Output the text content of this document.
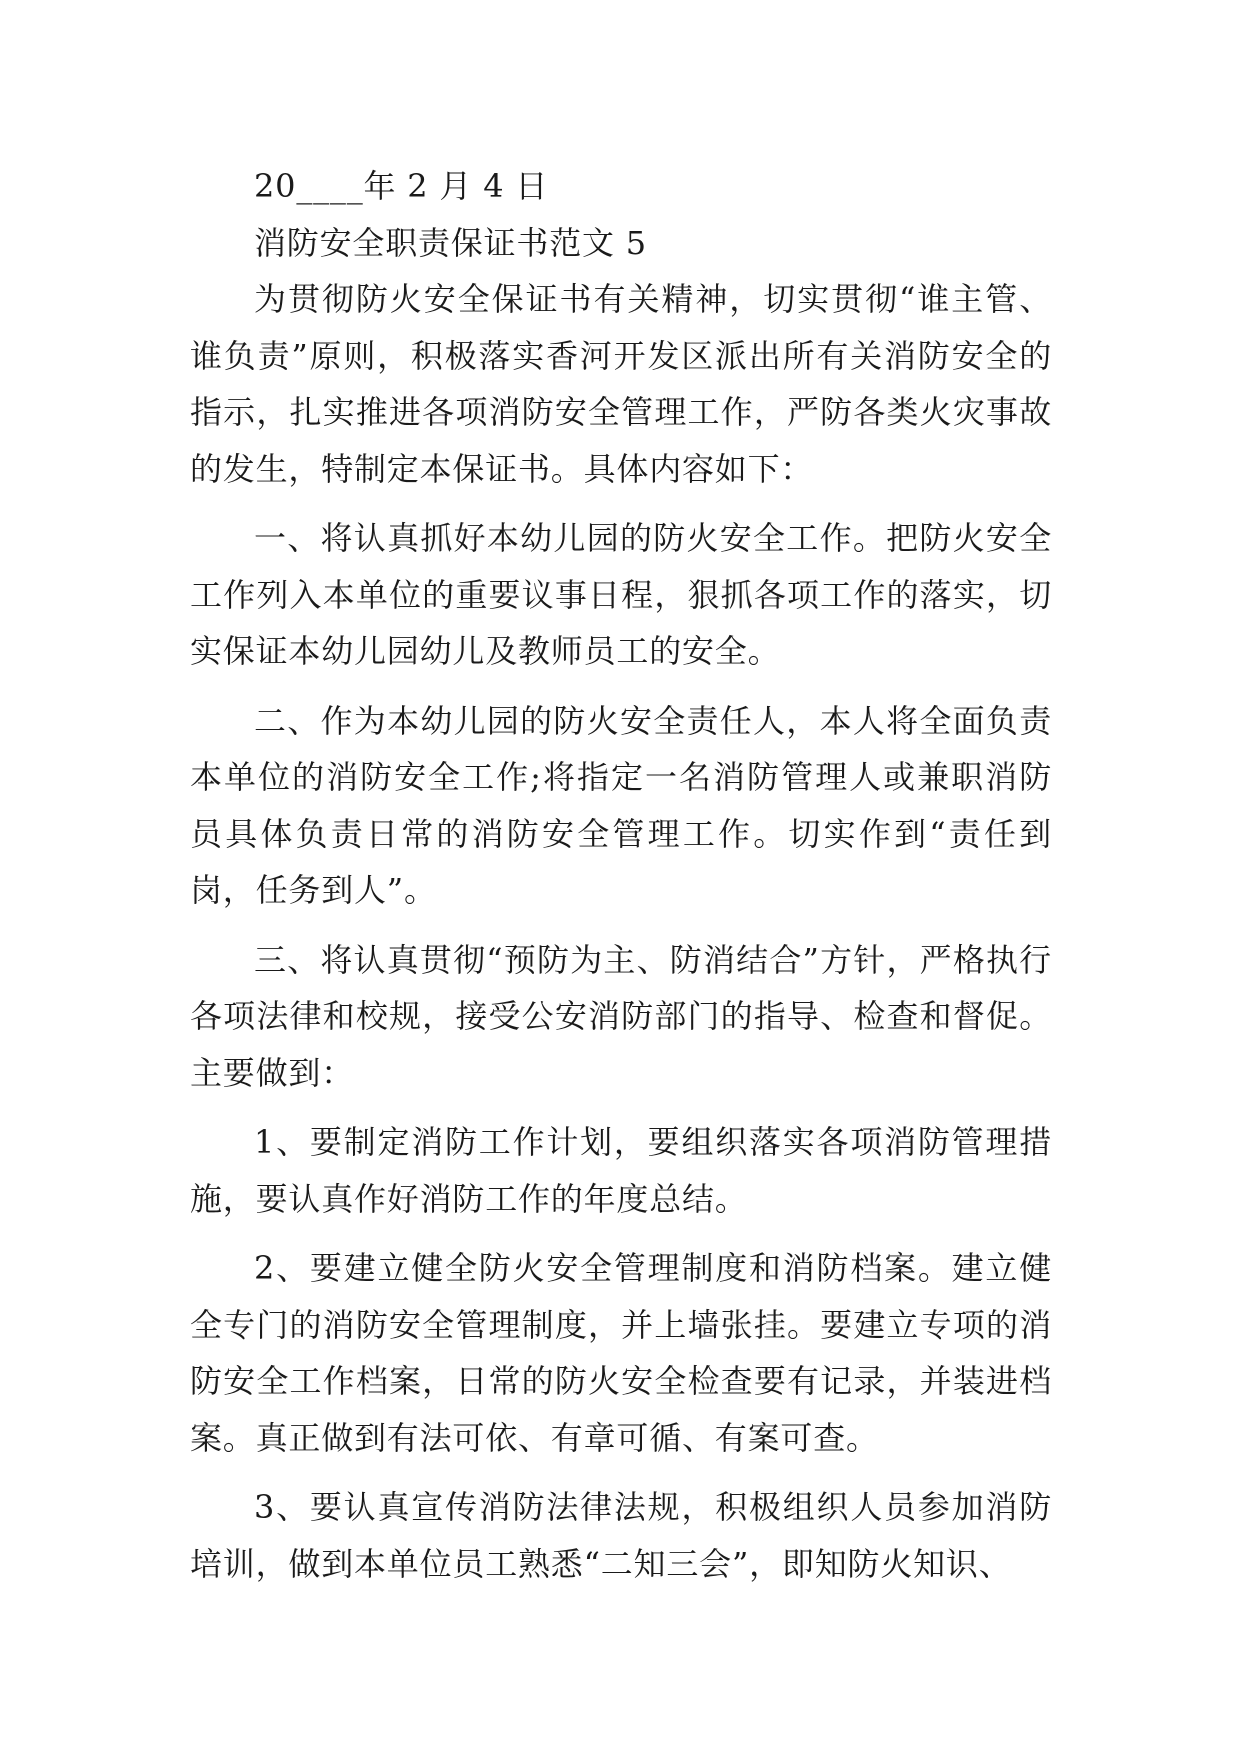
20____年 2 月 4 日

消防安全职责保证书范文 5

为贯彻防火安全保证书有关精神，切实贯彻“谁主管、谁负责”原则，积极落实香河开发区派出所有关消防安全的指示，扎实推进各项消防安全管理工作，严防各类火灾事故的发生，特制定本保证书。具体内容如下：

一、将认真抓好本幼儿园的防火安全工作。把防火安全工作列入本单位的重要议事日程，狠抓各项工作的落实，切实保证本幼儿园幼儿及教师员工的安全。

二、作为本幼儿园的防火安全责任人，本人将全面负责本单位的消防安全工作;将指定一名消防管理人或兼职消防员具体负责日常的消防安全管理工作。切实作到“责任到岗，任务到人”。

三、将认真贯彻“预防为主、防消结合”方针，严格执行各项法律和校规，接受公安消防部门的指导、检查和督促。主要做到：

1、要制定消防工作计划，要组织落实各项消防管理措施，要认真作好消防工作的年度总结。

2、要建立健全防火安全管理制度和消防档案。建立健全专门的消防安全管理制度，并上墙张挂。要建立专项的消防安全工作档案，日常的防火安全检查要有记录，并装进档案。真正做到有法可依、有章可循、有案可查。

3、要认真宣传消防法律法规，积极组织人员参加消防培训，做到本单位员工熟悉“二知三会”，即知防火知识、
